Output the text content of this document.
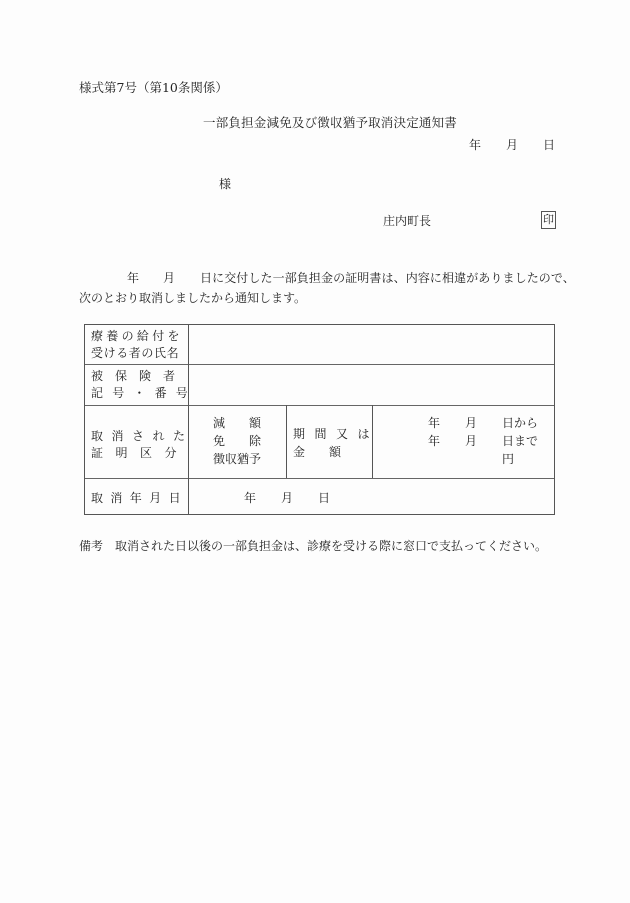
様式第7号（第10条関係）
一部負担金減免及び徴収猶予取消決定通知書
年 月 日
様
庄内町長	印
年 月 日に交付した一部負担金の証明書は、内容に相違がありましたので、
次のとおり取消しましたから通知します。
療養の給付を
受ける者の氏名
被　保　険　者
記号・番号
取消された
証明区分
減　　額
免　　除
徴収猶予
期間又は
金　　額
年 月 日から
年 月 日まで
円
取消年月日	年 月 日
備考　取消された日以後の一部負担金は、診療を受ける際に窓口で支払ってください。
